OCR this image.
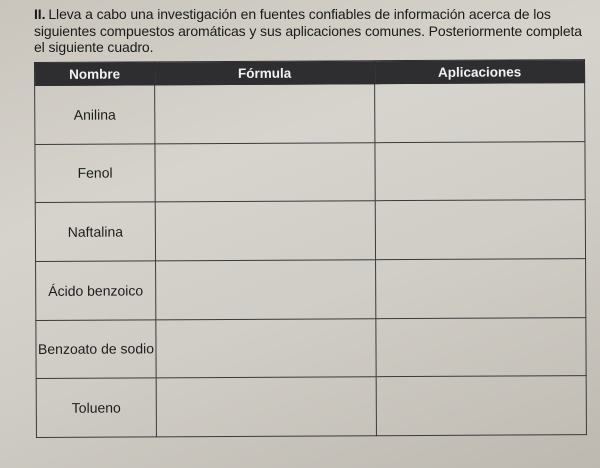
II. Lleva a cabo una investigación en fuentes confiables de información acerca de los siguientes compuestos aromáticas y sus aplicaciones comunes. Posteriormente completa el siguiente cuadro.

Nombre	Fórmula	Aplicaciones
Anilina		
Fenol		
Naftalina		
Ácido benzoico		
Benzoato de sodio		
Tolueno		
